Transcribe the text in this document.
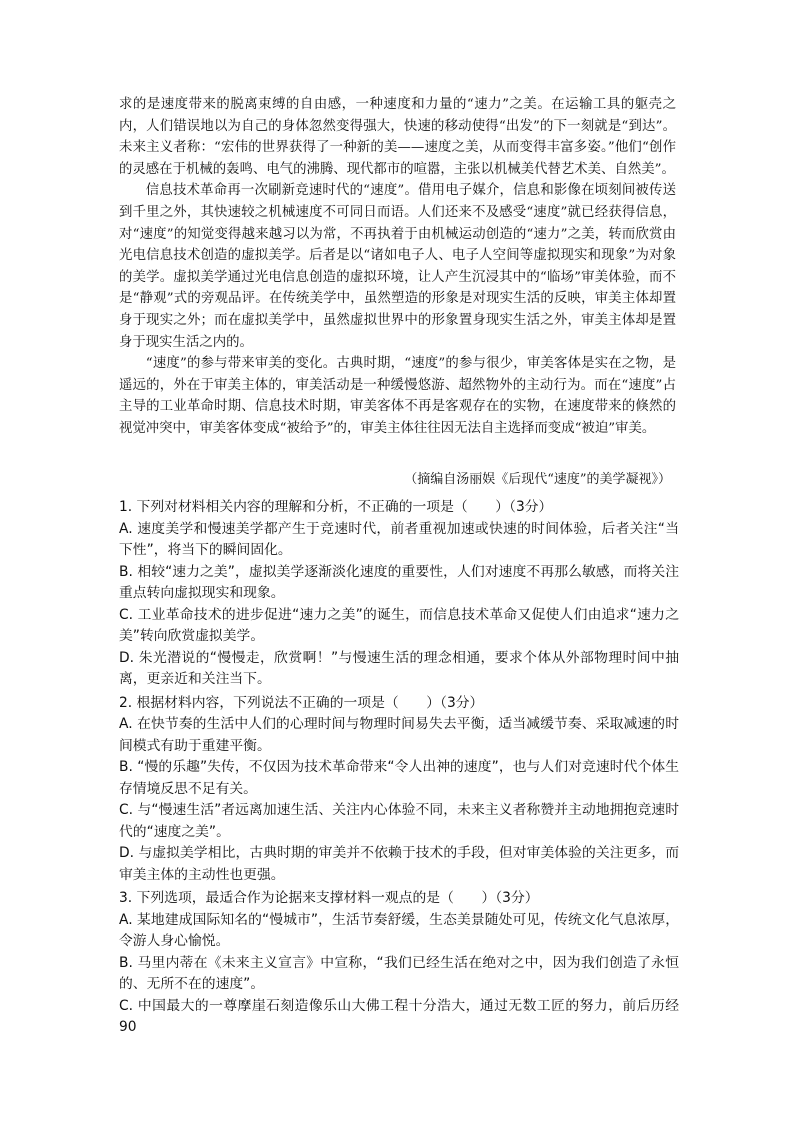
求的是速度带来的脱离束缚的自由感，一种速度和力量的“速力”之美。在运输工具的躯壳之内，人们错误地以为自己的身体忽然变得强大，快速的移动使得“出发”的下一刻就是“到达”。未来主义者称：“宏伟的世界获得了一种新的美——速度之美，从而变得丰富多姿。”他们“创作的灵感在于机械的轰鸣、电气的沸腾、现代都市的喧嚣，主张以机械美代替艺术美、自然美”。

信息技术革命再一次刷新竞速时代的“速度”。借用电子媒介，信息和影像在顷刻间被传送到千里之外，其快速较之机械速度不可同日而语。人们还来不及感受“速度”就已经获得信息，对“速度”的知觉变得越来越习以为常，不再执着于由机械运动创造的“速力”之美，转而欣赏由光电信息技术创造的虚拟美学。后者是以“诸如电子人、电子人空间等虚拟现实和现象”为对象的美学。虚拟美学通过光电信息创造的虚拟环境，让人产生沉浸其中的“临场”审美体验，而不是“静观”式的旁观品评。在传统美学中，虽然塑造的形象是对现实生活的反映，审美主体却置身于现实之外；而在虚拟美学中，虽然虚拟世界中的形象置身现实生活之外，审美主体却是置身于现实生活之内的。

“速度”的参与带来审美的变化。古典时期，“速度”的参与很少，审美客体是实在之物，是遥远的，外在于审美主体的，审美活动是一种缓慢悠游、超然物外的主动行为。而在“速度”占主导的工业革命时期、信息技术时期，审美客体不再是客观存在的实物，在速度带来的倏然的视觉冲突中，审美客体变成“被给予”的，审美主体往往因无法自主选择而变成“被迫”审美。

（摘编自汤丽娱《后现代“速度”的美学凝视》）

1. 下列对材料相关内容的理解和分析，不正确的一项是（　　）（3分）

A. 速度美学和慢速美学都产生于竞速时代，前者重视加速或快速的时间体验，后者关注“当下性”，将当下的瞬间固化。

B. 相较“速力之美”，虚拟美学逐渐淡化速度的重要性，人们对速度不再那么敏感，而将关注重点转向虚拟现实和现象。

C. 工业革命技术的进步促进“速力之美”的诞生，而信息技术革命又促使人们由追求“速力之美”转向欣赏虚拟美学。

D. 朱光潜说的“慢慢走，欣赏啊！”与慢速生活的理念相通，要求个体从外部物理时间中抽离，更亲近和关注当下。

2. 根据材料内容，下列说法不正确的一项是（　　）（3分）

A. 在快节奏的生活中人们的心理时间与物理时间易失去平衡，适当减缓节奏、采取减速的时间模式有助于重建平衡。

B. “慢的乐趣”失传，不仅因为技术革命带来“令人出神的速度”，也与人们对竞速时代个体生存情境反思不足有关。

C. 与“慢速生活”者远离加速生活、关注内心体验不同，未来主义者称赞并主动地拥抱竞速时代的“速度之美”。

D. 与虚拟美学相比，古典时期的审美并不依赖于技术的手段，但对审美体验的关注更多，而审美主体的主动性也更强。

3. 下列选项，最适合作为论据来支撑材料一观点的是（　　）（3分）

A. 某地建成国际知名的“慢城市”，生活节奏舒缓，生态美景随处可见，传统文化气息浓厚，令游人身心愉悦。

B. 马里内蒂在《未来主义宣言》中宣称，“我们已经生活在绝对之中，因为我们创造了永恒的、无所不在的速度”。

C. 中国最大的一尊摩崖石刻造像乐山大佛工程十分浩大，通过无数工匠的努力，前后历经90
